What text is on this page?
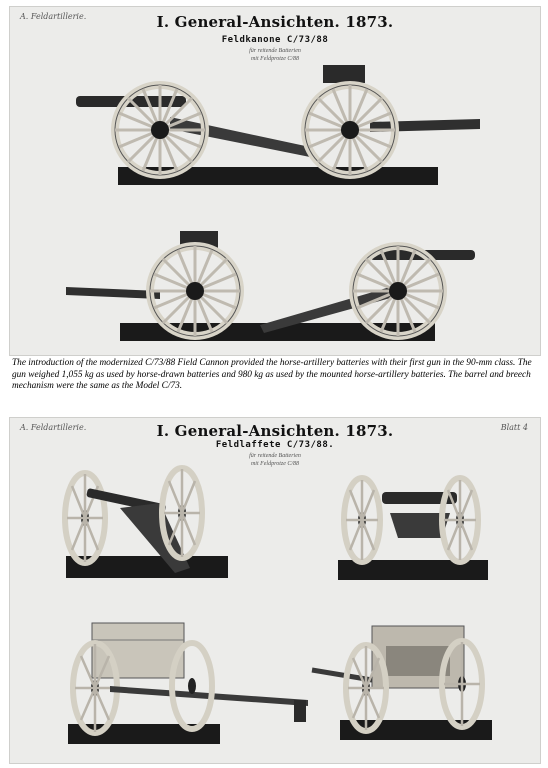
A. Feldartillerie.	I. General-Ansichten. 1873.
Feldkanone C/73/88
für reitende Batterien
mit Feldprotze C/88
The introduction of the modernized C/73/88 Field Cannon provided the horse-artillery batteries with their first gun in the 90-mm class. The gun weighed 1,055 kg as used by horse-drawn batteries and 980 kg as used by the mounted horse-artillery batteries. The barrel and breech mechanism were the same as the Model C/73.
A. Feldartillerie.	Blatt 4
I. General-Ansichten. 1873.
Feldlaffete C/73/88.
für reitende Batterien
mit Feldprotze C/88
